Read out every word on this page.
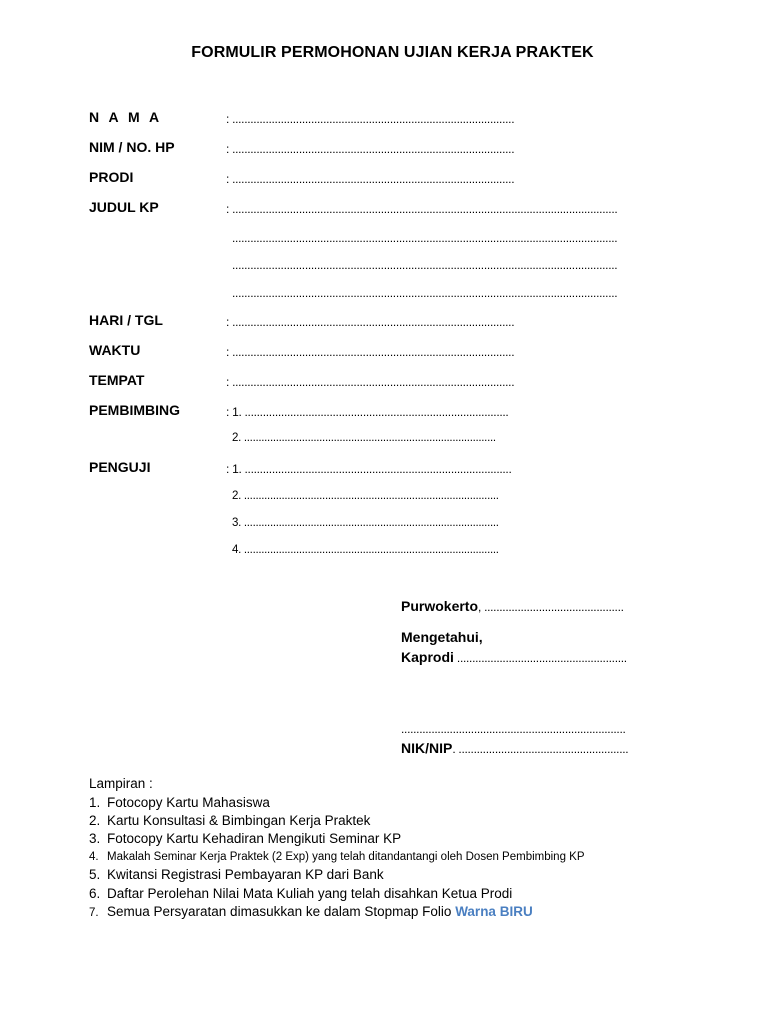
FORMULIR PERMOHONAN UJIAN KERJA PRAKTEK
N A M A	: .............................................................................................
NIM / NO. HP	: .............................................................................................
PRODI	: .............................................................................................
JUDUL KP	: ...............................................................................................................................
...............................................................................................................................
...............................................................................................................................
...............................................................................................................................
HARI / TGL	: .............................................................................................
WAKTU	: .............................................................................................
TEMPAT	: .............................................................................................
PEMBIMBING	: 1. .......................................................................................
2. .......................................................................................
PENGUJI	: 1. ........................................................................................
2. ........................................................................................
3. ........................................................................................
4. ........................................................................................
Purwokerto, ..............................................
Mengetahui,
Kaprodi ........................................................
..........................................................................
NIK/NIP. ........................................................
Lampiran :
1. Fotocopy Kartu Mahasiswa
2. Kartu Konsultasi & Bimbingan Kerja Praktek
3. Fotocopy Kartu Kehadiran Mengikuti Seminar KP
4. Makalah Seminar Kerja Praktek (2 Exp) yang telah ditandantangi oleh Dosen Pembimbing KP
5. Kwitansi Registrasi Pembayaran KP dari Bank
6. Daftar Perolehan Nilai Mata Kuliah yang telah disahkan Ketua Prodi
7. Semua Persyaratan dimasukkan ke dalam Stopmap Folio Warna BIRU
